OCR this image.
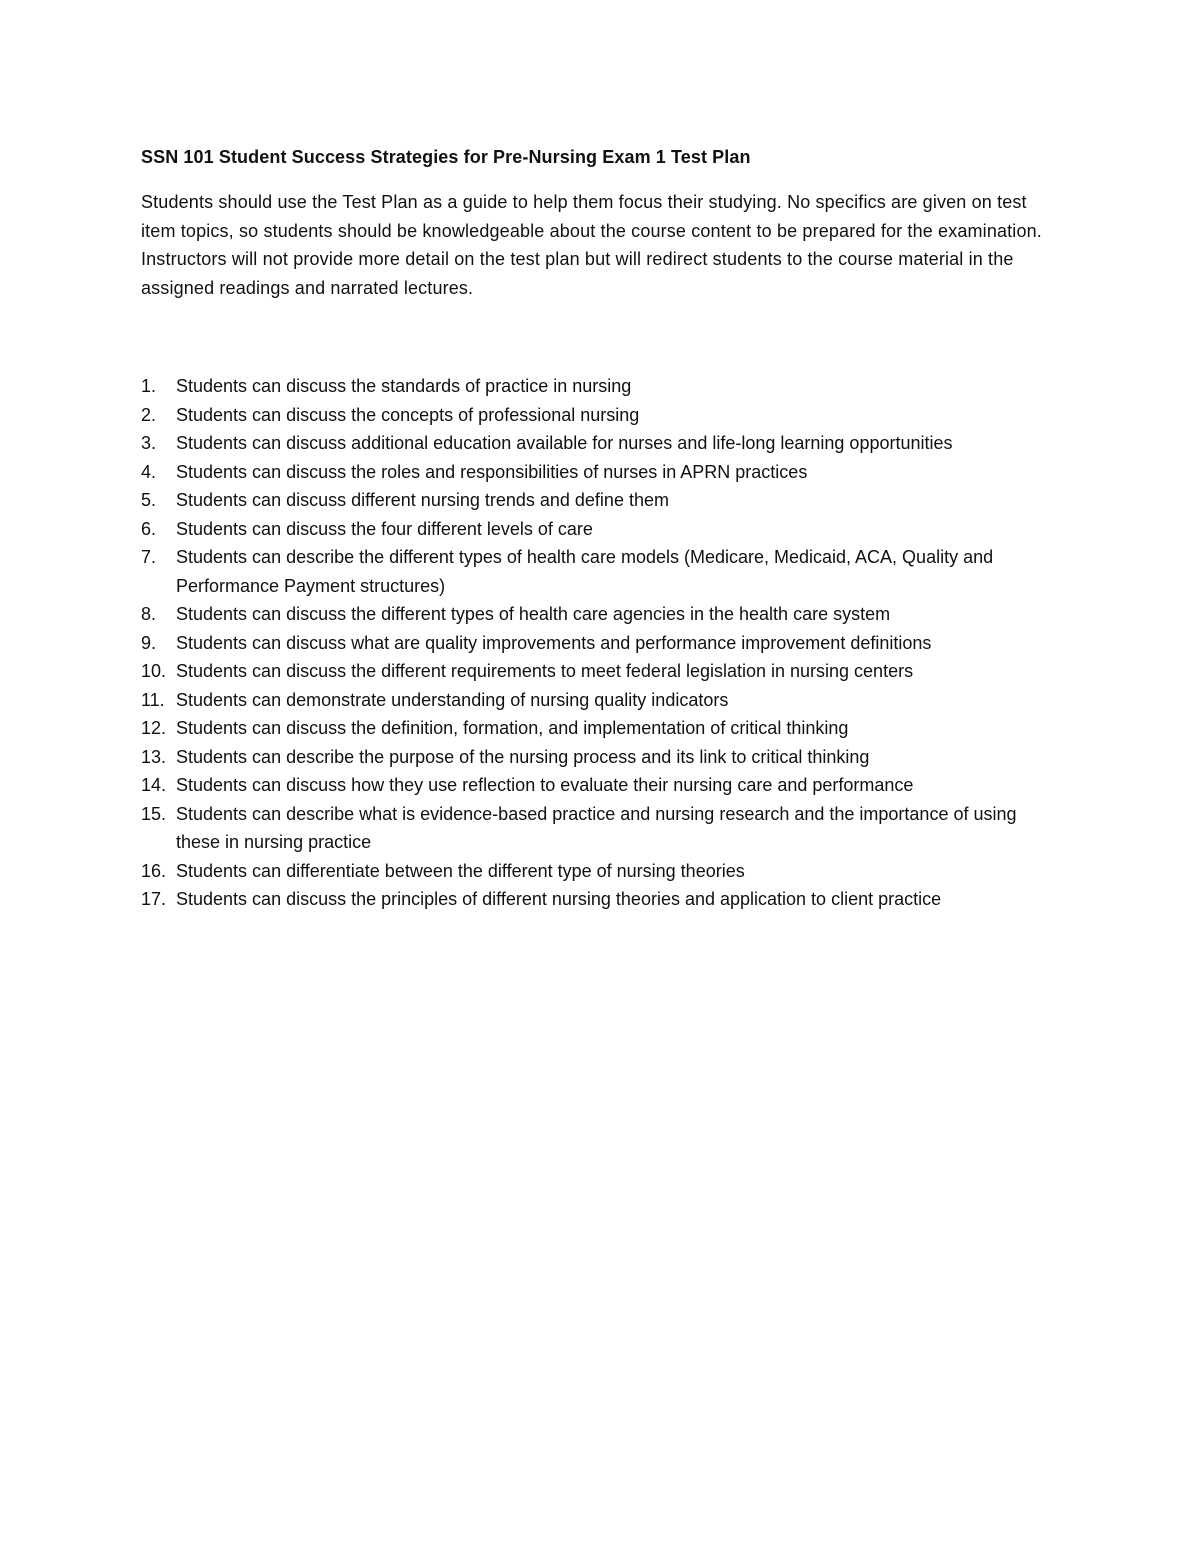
SSN 101 Student Success Strategies for Pre-Nursing Exam 1 Test Plan

Students should use the Test Plan as a guide to help them focus their studying. No specifics are given on test item topics, so students should be knowledgeable about the course content to be prepared for the examination. Instructors will not provide more detail on the test plan but will redirect students to the course material in the assigned readings and narrated lectures.

1.	Students can discuss the standards of practice in nursing
2.	Students can discuss the concepts of professional nursing
3.	Students can discuss additional education available for nurses and life-long learning opportunities
4.	Students can discuss the roles and responsibilities of nurses in APRN practices
5.	Students can discuss different nursing trends and define them
6.	Students can discuss the four different levels of care
7.	Students can describe the different types of health care models (Medicare, Medicaid, ACA, Quality and Performance Payment structures)
8.	Students can discuss the different types of health care agencies in the health care system
9.	Students can discuss what are quality improvements and performance improvement definitions
10. Students can discuss the different requirements to meet federal legislation in nursing centers
11. Students can demonstrate understanding of nursing quality indicators
12. Students can discuss the definition, formation, and implementation of critical thinking
13. Students can describe the purpose of the nursing process and its link to critical thinking
14. Students can discuss how they use reflection to evaluate their nursing care and performance
15. Students can describe what is evidence-based practice and nursing research and the importance of using these in nursing practice
16. Students can differentiate between the different type of nursing theories
17. Students can discuss the principles of different nursing theories and application to client practice
